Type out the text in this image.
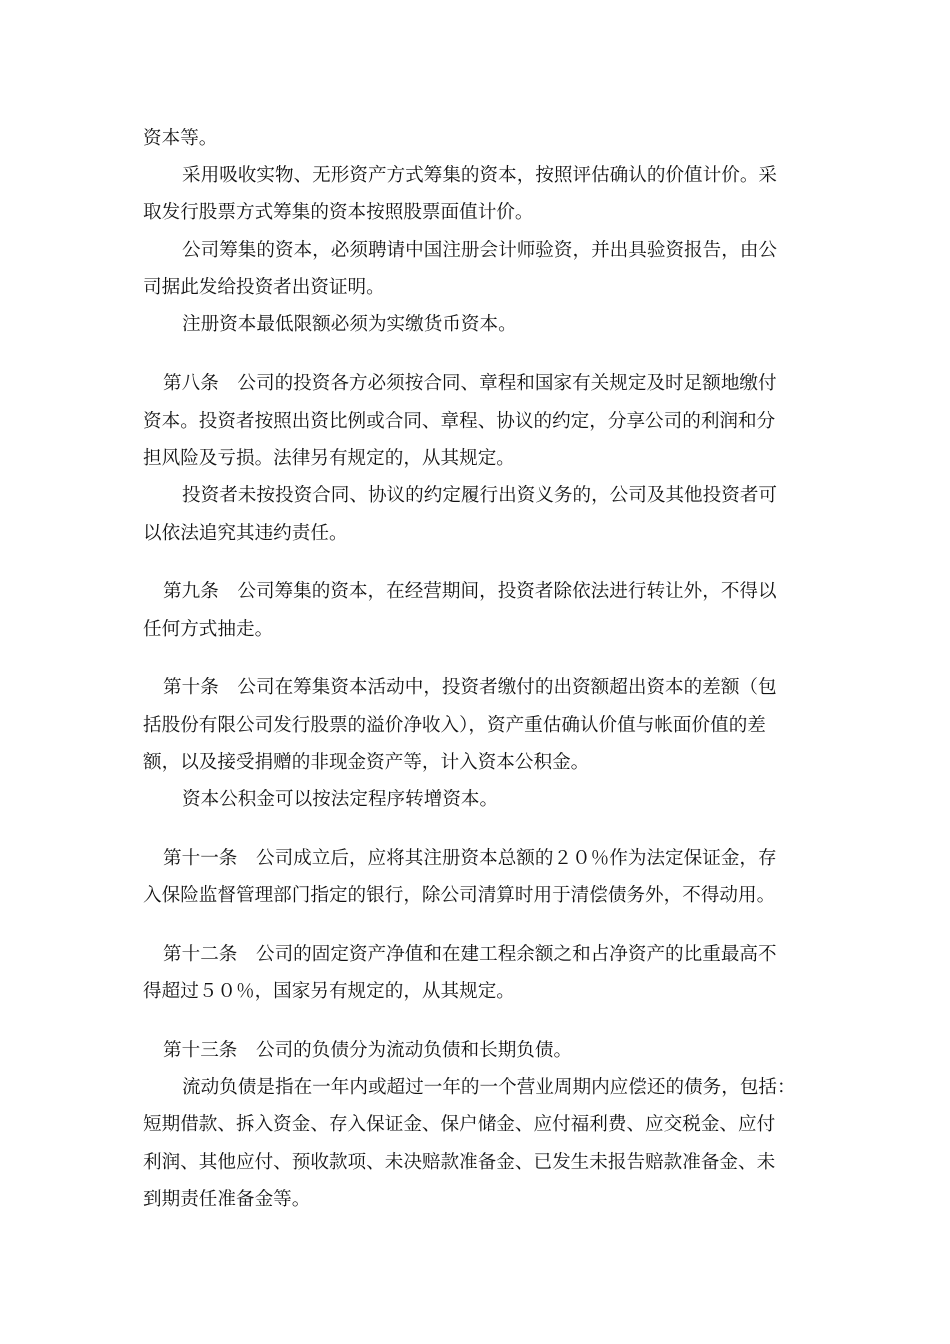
资本等。
采用吸收实物、无形资产方式筹集的资本，按照评估确认的价值计价。采
取发行股票方式筹集的资本按照股票面值计价。
公司筹集的资本，必须聘请中国注册会计师验资，并出具验资报告，由公
司据此发给投资者出资证明。
注册资本最低限额必须为实缴货币资本。
第八条　公司的投资各方必须按合同、章程和国家有关规定及时足额地缴付
资本。投资者按照出资比例或合同、章程、协议的约定，分享公司的利润和分
担风险及亏损。法律另有规定的，从其规定。
投资者未按投资合同、协议的约定履行出资义务的，公司及其他投资者可
以依法追究其违约责任。
第九条　公司筹集的资本，在经营期间，投资者除依法进行转让外，不得以
任何方式抽走。
第十条　公司在筹集资本活动中，投资者缴付的出资额超出资本的差额（包
括股份有限公司发行股票的溢价净收入），资产重估确认价值与帐面价值的差
额，以及接受捐赠的非现金资产等，计入资本公积金。
资本公积金可以按法定程序转增资本。
第十一条　公司成立后，应将其注册资本总额的２０％作为法定保证金，存
入保险监督管理部门指定的银行，除公司清算时用于清偿债务外，不得动用。
第十二条　公司的固定资产净值和在建工程余额之和占净资产的比重最高不
得超过５０％，国家另有规定的，从其规定。
第十三条　公司的负债分为流动负债和长期负债。
流动负债是指在一年内或超过一年的一个营业周期内应偿还的债务，包括：
短期借款、拆入资金、存入保证金、保户储金、应付福利费、应交税金、应付
利润、其他应付、预收款项、未决赔款准备金、已发生未报告赔款准备金、未
到期责任准备金等。
